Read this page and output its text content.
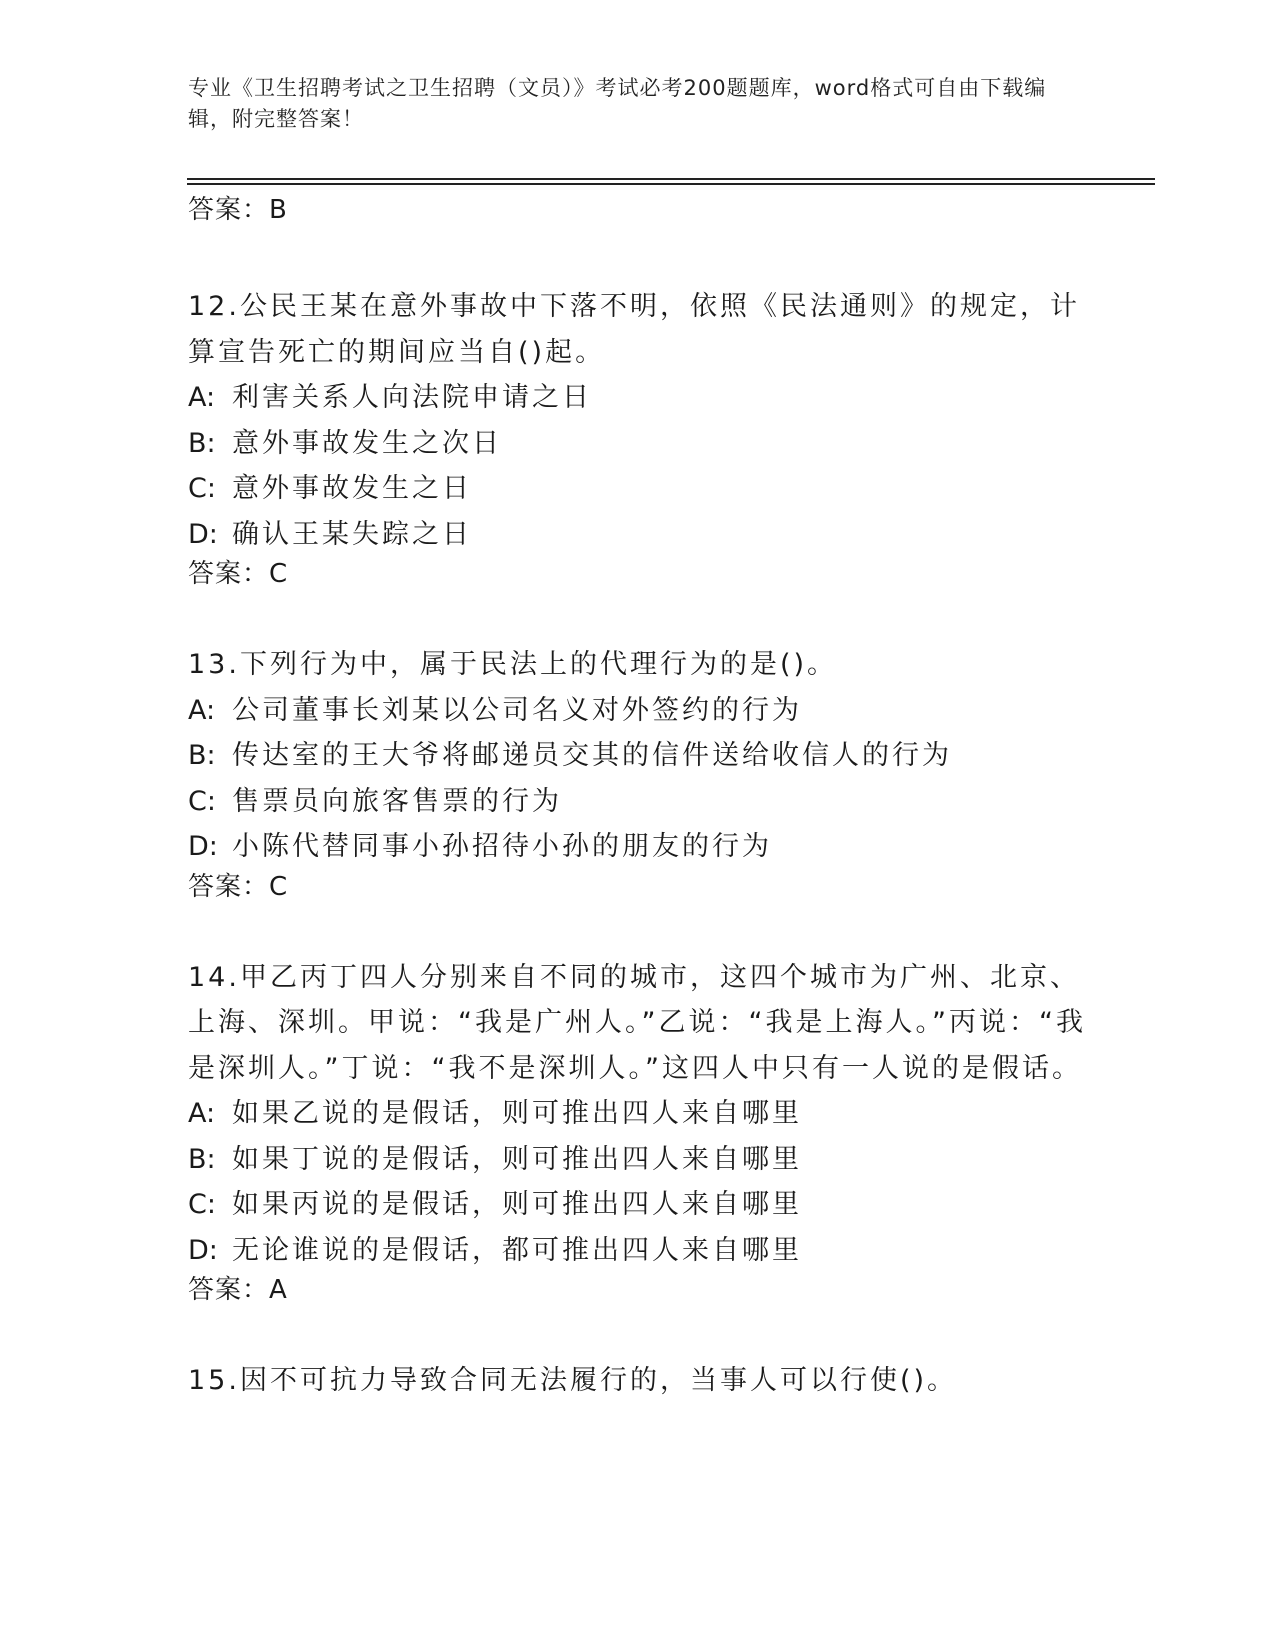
专业《卫生招聘考试之卫生招聘（文员）》考试必考200题题库，word格式可自由下载编辑，附完整答案！

答案：B

12.公民王某在意外事故中下落不明，依照《民法通则》的规定，计算宣告死亡的期间应当自()起。

A: 利害关系人向法院申请之日

B: 意外事故发生之次日

C: 意外事故发生之日

D: 确认王某失踪之日

答案：C

13.下列行为中，属于民法上的代理行为的是()。

A: 公司董事长刘某以公司名义对外签约的行为

B: 传达室的王大爷将邮递员交其的信件送给收信人的行为

C: 售票员向旅客售票的行为

D: 小陈代替同事小孙招待小孙的朋友的行为

答案：C

14.甲乙丙丁四人分别来自不同的城市，这四个城市为广州、北京、上海、深圳。甲说：“我是广州人。”乙说：“我是上海人。”丙说：“我是深圳人。”丁说：“我不是深圳人。”这四人中只有一人说的是假话。

A: 如果乙说的是假话，则可推出四人来自哪里

B: 如果丁说的是假话，则可推出四人来自哪里

C: 如果丙说的是假话，则可推出四人来自哪里

D: 无论谁说的是假话，都可推出四人来自哪里

答案：A

15.因不可抗力导致合同无法履行的，当事人可以行使()。
